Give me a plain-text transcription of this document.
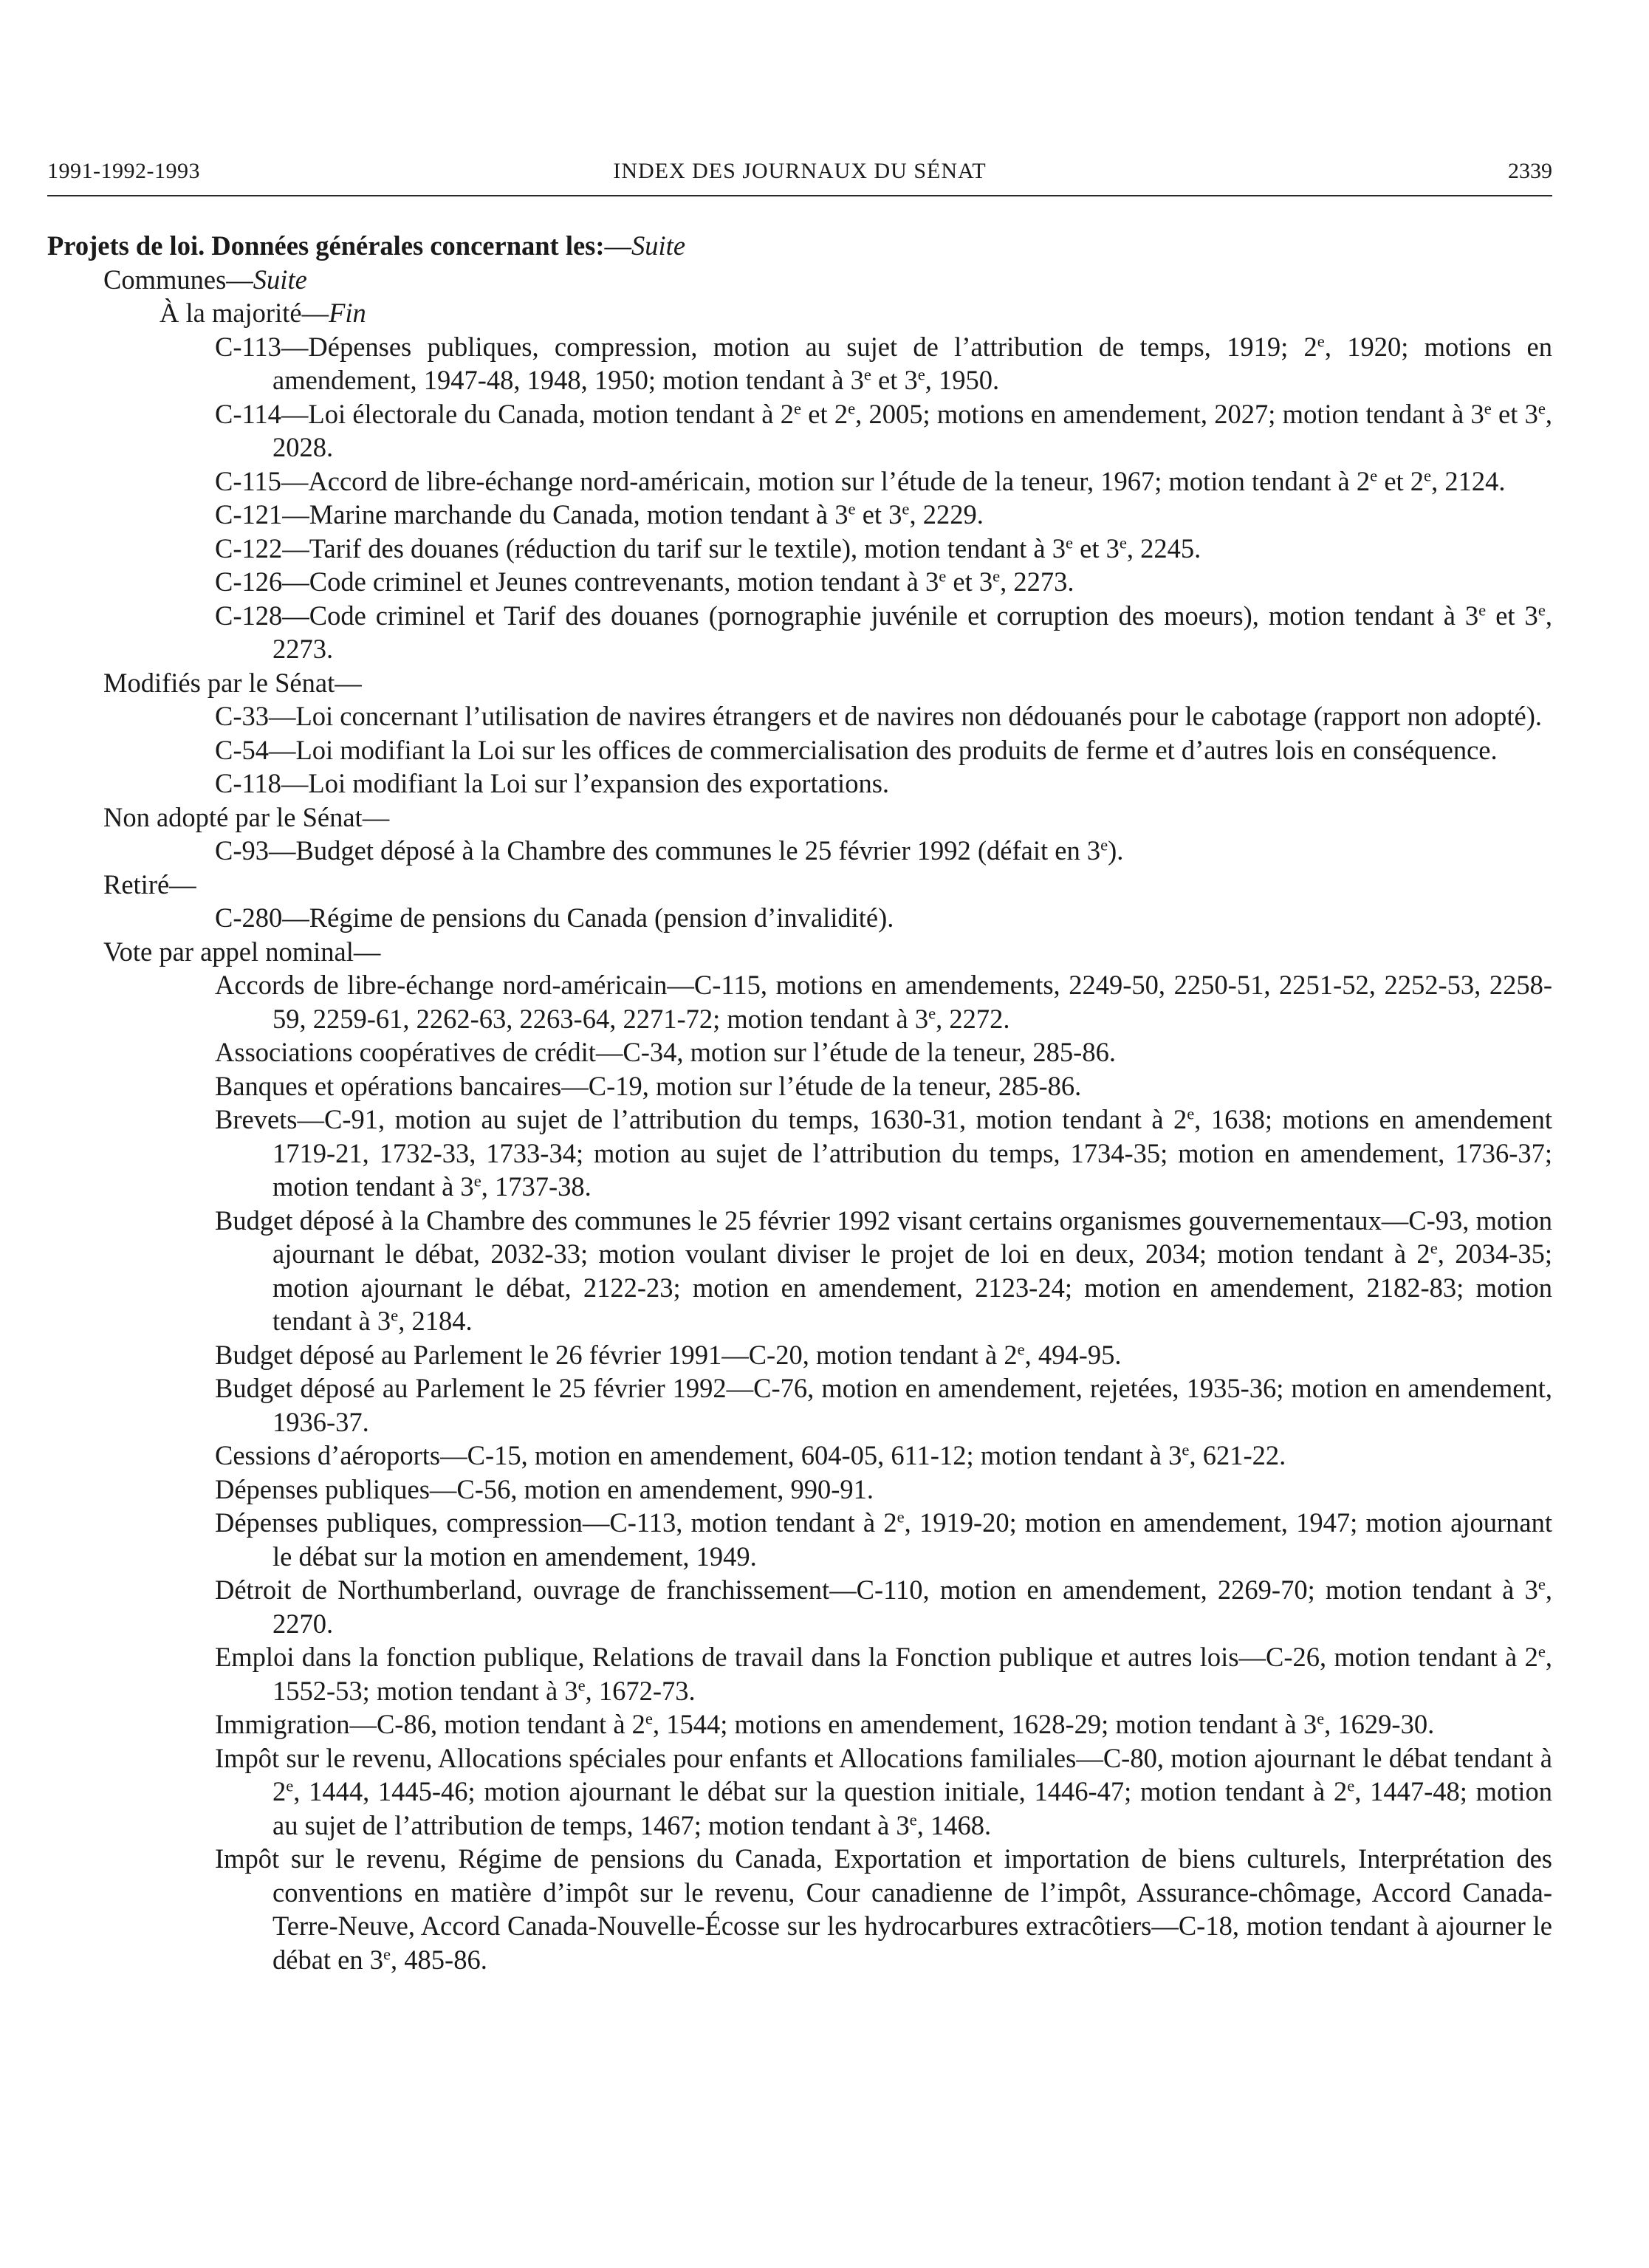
1991-1992-1993	INDEX DES JOURNAUX DU SÉNAT	2339
Projets de loi. Données générales concernant les:—Suite
Communes—Suite
À la majorité—Fin
C-113—Dépenses publiques, compression, motion au sujet de l’attribution de temps, 1919; 2e, 1920; motions en amendement, 1947-48, 1948, 1950; motion tendant à 3e et 3e, 1950.
C-114—Loi électorale du Canada, motion tendant à 2e et 2e, 2005; motions en amendement, 2027; motion tendant à 3e et 3e, 2028.
C-115—Accord de libre-échange nord-américain, motion sur l’étude de la teneur, 1967; motion tendant à 2e et 2e, 2124.
C-121—Marine marchande du Canada, motion tendant à 3e et 3e, 2229.
C-122—Tarif des douanes (réduction du tarif sur le textile), motion tendant à 3e et 3e, 2245.
C-126—Code criminel et Jeunes contrevenants, motion tendant à 3e et 3e, 2273.
C-128—Code criminel et Tarif des douanes (pornographie juvénile et corruption des moeurs), motion tendant à 3e et 3e, 2273.
Modifiés par le Sénat—
C-33—Loi concernant l’utilisation de navires étrangers et de navires non dédouanés pour le cabotage (rapport non adopté).
C-54—Loi modifiant la Loi sur les offices de commercialisation des produits de ferme et d’autres lois en conséquence.
C-118—Loi modifiant la Loi sur l’expansion des exportations.
Non adopté par le Sénat—
C-93—Budget déposé à la Chambre des communes le 25 février 1992 (défait en 3e).
Retiré—
C-280—Régime de pensions du Canada (pension d’invalidité).
Vote par appel nominal—
Accords de libre-échange nord-américain—C-115, motions en amendements, 2249-50, 2250-51, 2251-52, 2252-53, 2258-59, 2259-61, 2262-63, 2263-64, 2271-72; motion tendant à 3e, 2272.
Associations coopératives de crédit—C-34, motion sur l’étude de la teneur, 285-86.
Banques et opérations bancaires—C-19, motion sur l’étude de la teneur, 285-86.
Brevets—C-91, motion au sujet de l’attribution du temps, 1630-31, motion tendant à 2e, 1638; motions en amendement 1719-21, 1732-33, 1733-34; motion au sujet de l’attribution du temps, 1734-35; motion en amendement, 1736-37; motion tendant à 3e, 1737-38.
Budget déposé à la Chambre des communes le 25 février 1992 visant certains organismes gouvernementaux—C-93, motion ajournant le débat, 2032-33; motion voulant diviser le projet de loi en deux, 2034; motion tendant à 2e, 2034-35; motion ajournant le débat, 2122-23; motion en amendement, 2123-24; motion en amendement, 2182-83; motion tendant à 3e, 2184.
Budget déposé au Parlement le 26 février 1991—C-20, motion tendant à 2e, 494-95.
Budget déposé au Parlement le 25 février 1992—C-76, motion en amendement, rejetées, 1935-36; motion en amendement, 1936-37.
Cessions d’aéroports—C-15, motion en amendement, 604-05, 611-12; motion tendant à 3e, 621-22.
Dépenses publiques—C-56, motion en amendement, 990-91.
Dépenses publiques, compression—C-113, motion tendant à 2e, 1919-20; motion en amendement, 1947; motion ajournant le débat sur la motion en amendement, 1949.
Détroit de Northumberland, ouvrage de franchissement—C-110, motion en amendement, 2269-70; motion tendant à 3e, 2270.
Emploi dans la fonction publique, Relations de travail dans la Fonction publique et autres lois—C-26, motion tendant à 2e, 1552-53; motion tendant à 3e, 1672-73.
Immigration—C-86, motion tendant à 2e, 1544; motions en amendement, 1628-29; motion tendant à 3e, 1629-30.
Impôt sur le revenu, Allocations spéciales pour enfants et Allocations familiales—C-80, motion ajournant le débat tendant à 2e, 1444, 1445-46; motion ajournant le débat sur la question initiale, 1446-47; motion tendant à 2e, 1447-48; motion au sujet de l’attribution de temps, 1467; motion tendant à 3e, 1468.
Impôt sur le revenu, Régime de pensions du Canada, Exportation et importation de biens culturels, Interprétation des conventions en matière d’impôt sur le revenu, Cour canadienne de l’impôt, Assurance-chômage, Accord Canada-Terre-Neuve, Accord Canada-Nouvelle-Écosse sur les hydrocarbures extracôtiers—C-18, motion tendant à ajourner le débat en 3e, 485-86.
